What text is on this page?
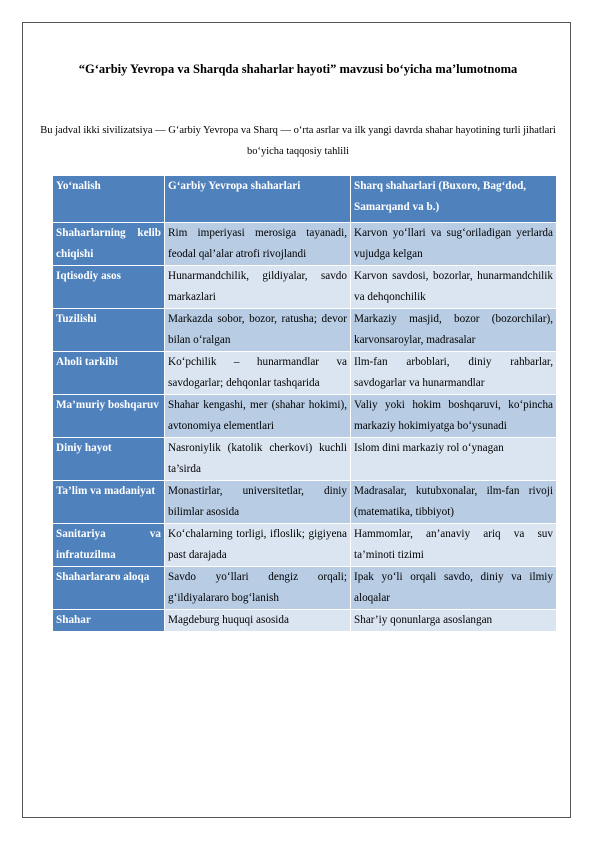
“G‘arbiy Yevropa va Sharqda shaharlar hayoti” mavzusi bo‘yicha ma’lumotnoma
Bu jadval ikki sivilizatsiya — G‘arbiy Yevropa va Sharq — o‘rta asrlar va ilk yangi davrda shahar hayotining turli jihatlari bo‘yicha taqqosiy tahlili
Yo‘nalish	G‘arbiy Yevropa shaharlari	Sharq shaharlari (Buxoro, Bag‘dod, Samarqand va b.)
Shaharlarning kelib chiqishi	Rim imperiyasi merosiga tayanadi, feodal qal’alar atrofi rivojlandi	Karvon yo‘llari va sug‘oriladigan yerlarda vujudga kelgan
Iqtisodiy asos	Hunarmandchilik, gildiyalar, savdo markazlari	Karvon savdosi, bozorlar, hunarmandchilik va dehqonchilik
Tuzilishi	Markazda sobor, bozor, ratusha; devor bilan o‘ralgan	Markaziy masjid, bozor (bozorchilar), karvonsaroylar, madrasalar
Aholi tarkibi	Ko‘pchilik – hunarmandlar va savdogarlar; dehqonlar tashqarida	Ilm-fan arboblari, diniy rahbarlar, savdogarlar va hunarmandlar
Ma’muriy boshqaruv	Shahar kengashi, mer (shahar hokimi), avtonomiya elementlari	Valiy yoki hokim boshqaruvi, ko‘pincha markaziy hokimiyatga bo‘ysunadi
Diniy hayot	Nasroniylik (katolik cherkovi) kuchli ta’sirda	Islom dini markaziy rol o‘ynagan
Ta’lim va madaniyat	Monastirlar, universitetlar, diniy bilimlar asosida	Madrasalar, kutubxonalar, ilm-fan rivoji (matematika, tibbiyot)
Sanitariya va infratuzilma	Ko‘chalarning torligi, ifloslik; gigiyena past darajada	Hammomlar, an’anaviy ariq va suv ta’minoti tizimi
Shaharlararo aloqa	Savdo yo‘llari dengiz orqali; g‘ildiyalararo bog‘lanish	Ipak yo‘li orqali savdo, diniy va ilmiy aloqalar
Shahar	Magdeburg huquqi asosida	Shar’iy qonunlarga asoslangan
